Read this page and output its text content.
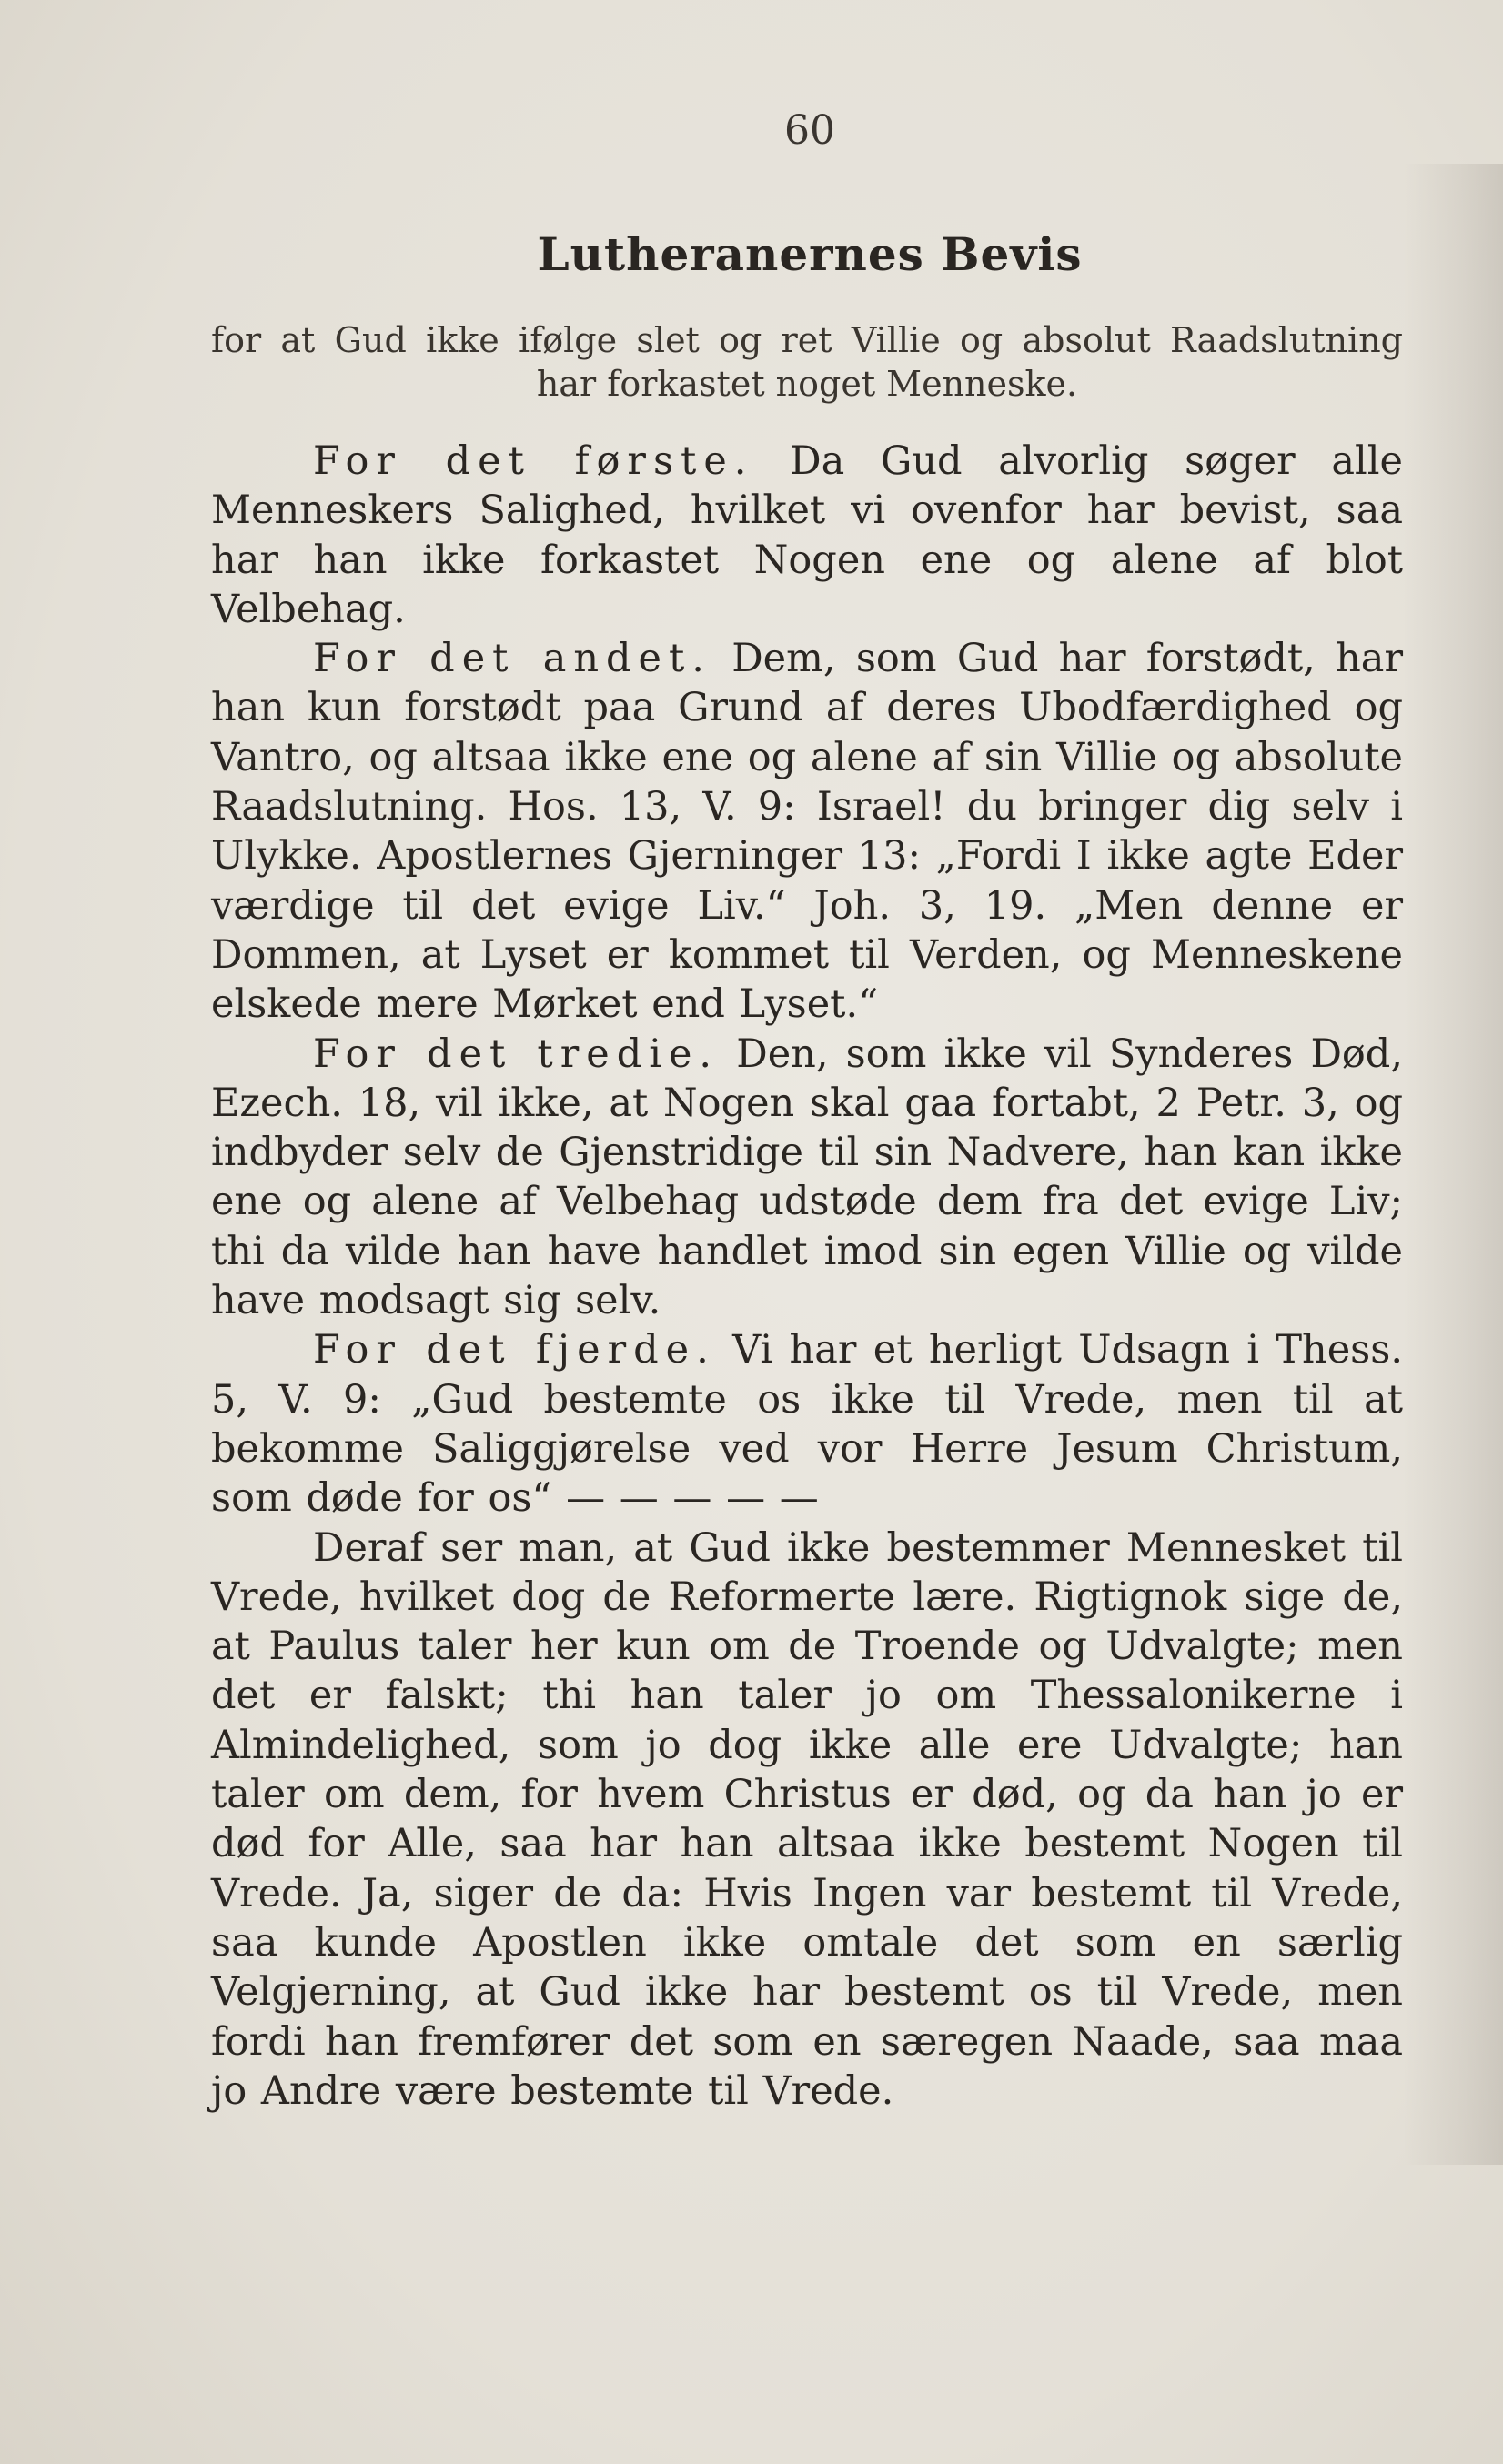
60
Lutheranernes Bevis
for at Gud ikke ifølge slet og ret Villie og absolut Raadslutning
har forkastet noget Menneske.

For det første. Da Gud alvorlig søger alle Menneskers Salighed, hvilket vi ovenfor har bevist, saa har han ikke forkastet Nogen ene og alene af blot Velbehag.

For det andet. Dem, som Gud har forstødt, har han kun forstødt paa Grund af deres Ubodfærdighed og Vantro, og altsaa ikke ene og alene af sin Villie og absolute Raadslutning. Hos. 13, V. 9: Israel! du bringer dig selv i Ulykke. Apostlernes Gjerninger 13: „Fordi I ikke agte Eder værdige til det evige Liv.“ Joh. 3, 19. „Men denne er Dommen, at Lyset er kommet til Verden, og Menneskene elskede mere Mørket end Lyset.“

For det tredie. Den, som ikke vil Synderes Død, Ezech. 18, vil ikke, at Nogen skal gaa fortabt, 2 Petr. 3, og indbyder selv de Gjenstridige til sin Nadvere, han kan ikke ene og alene af Velbehag udstøde dem fra det evige Liv; thi da vilde han have handlet imod sin egen Villie og vilde have modsagt sig selv.

For det fjerde. Vi har et herligt Udsagn i Thess. 5, V. 9: „Gud bestemte os ikke til Vrede, men til at bekomme Saliggjørelse ved vor Herre Jesum Christum, som døde for os“ — — — — —

Deraf ser man, at Gud ikke bestemmer Mennesket til Vrede, hvilket dog de Reformerte lære. Rigtignok sige de, at Paulus taler her kun om de Troende og Udvalgte; men det er falskt; thi han taler jo om Thessalonikerne i Almindelighed, som jo dog ikke alle ere Udvalgte; han taler om dem, for hvem Christus er død, og da han jo er død for Alle, saa har han altsaa ikke bestemt Nogen til Vrede. Ja, siger de da: Hvis Ingen var bestemt til Vrede, saa kunde Apostlen ikke omtale det som en særlig Velgjerning, at Gud ikke har bestemt os til Vrede, men fordi han fremfører det som en særegen Naade, saa maa jo Andre være bestemte til Vrede.
